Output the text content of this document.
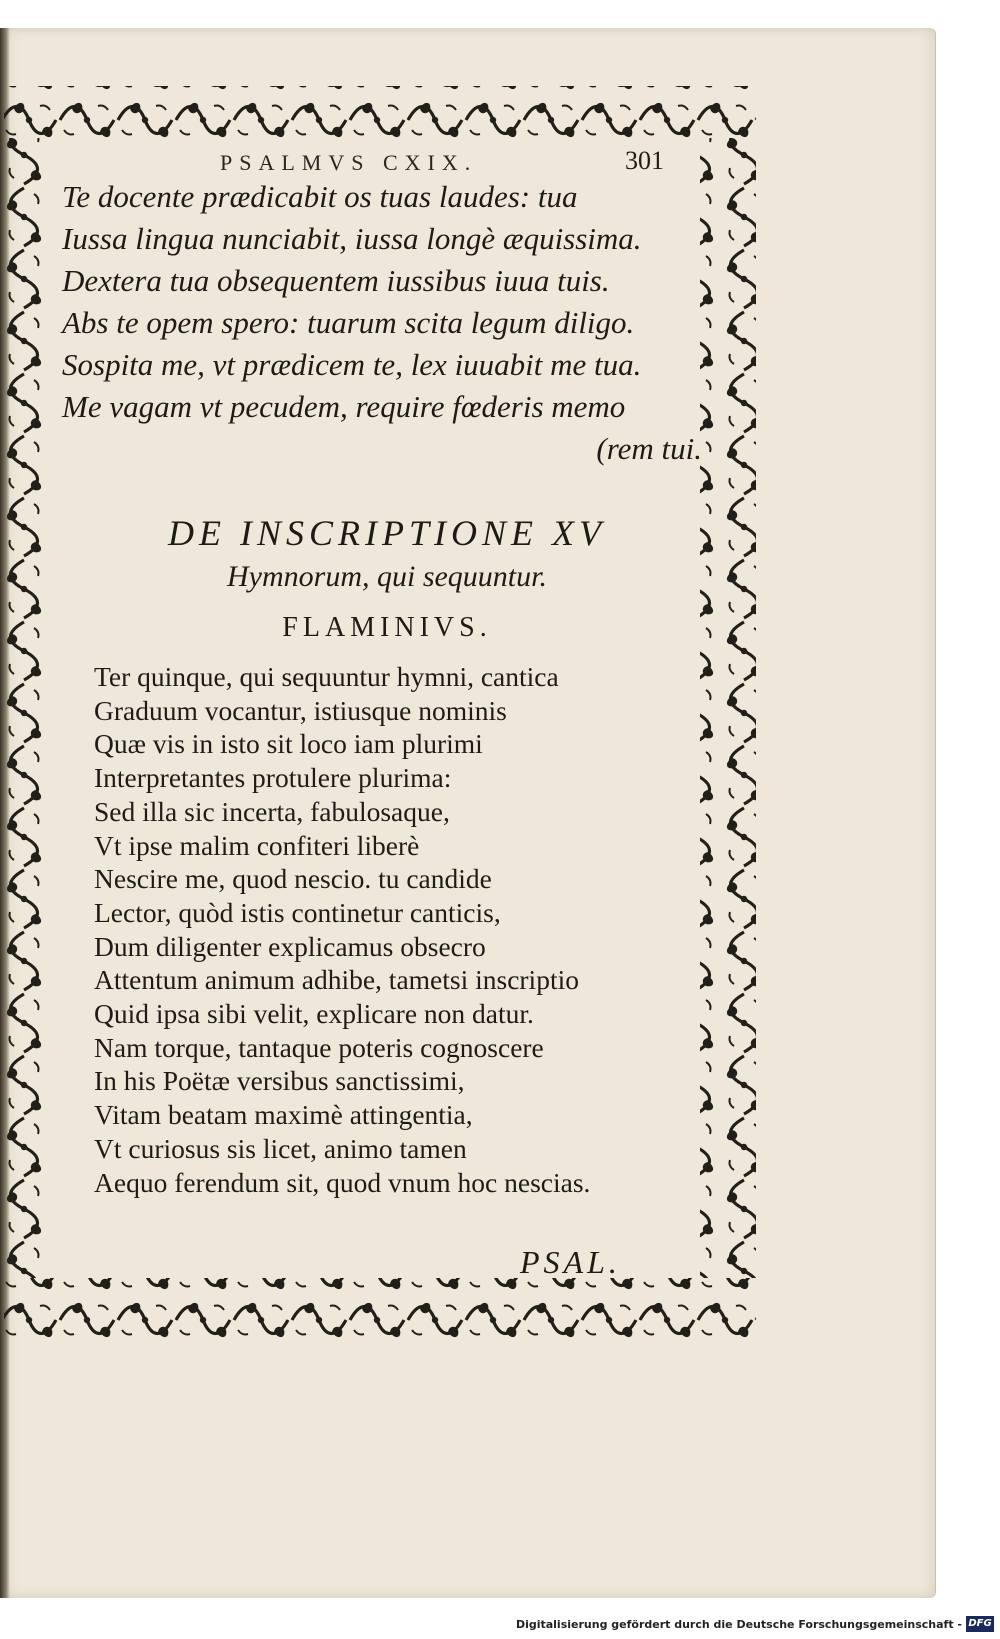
PSALMVS CXIX.	301
Te docente prædicabit os tuas laudes: tua
Iussa lingua nunciabit, iussa longè æquissima.
Dextera tua obsequentem iussibus iuua tuis.
Abs te opem spero: tuarum scita legum diligo.
Sospita me, vt prædicem te, lex iuuabit me tua.
Me vagam vt pecudem, require fœderis memo
(rem tui.
DE INSCRIPTIONE XV
Hymnorum, qui sequuntur.
FLAMINIVS.
Ter quinque, qui sequuntur hymni, cantica
Graduum vocantur, istiusque nominis
Quæ vis in isto sit loco iam plurimi
Interpretantes protulere plurima:
Sed illa sic incerta, fabulosaque,
Vt ipse malim confiteri liberè
Nescire me, quod nescio. tu candide
Lector, quòd istis continetur canticis,
Dum diligenter explicamus obsecro
Attentum animum adhibe, tametsi inscriptio
Quid ipsa sibi velit, explicare non datur.
Nam torque, tantaque poteris cognoscere
In his Poëtæ versibus sanctissimi,
Vitam beatam maximè attingentia,
Vt curiosus sis licet, animo tamen
Aequo ferendum sit, quod vnum hoc nescias.
PSAL.
Digitalisierung gefördert durch die Deutsche Forschungsgemeinschaft - DFG
